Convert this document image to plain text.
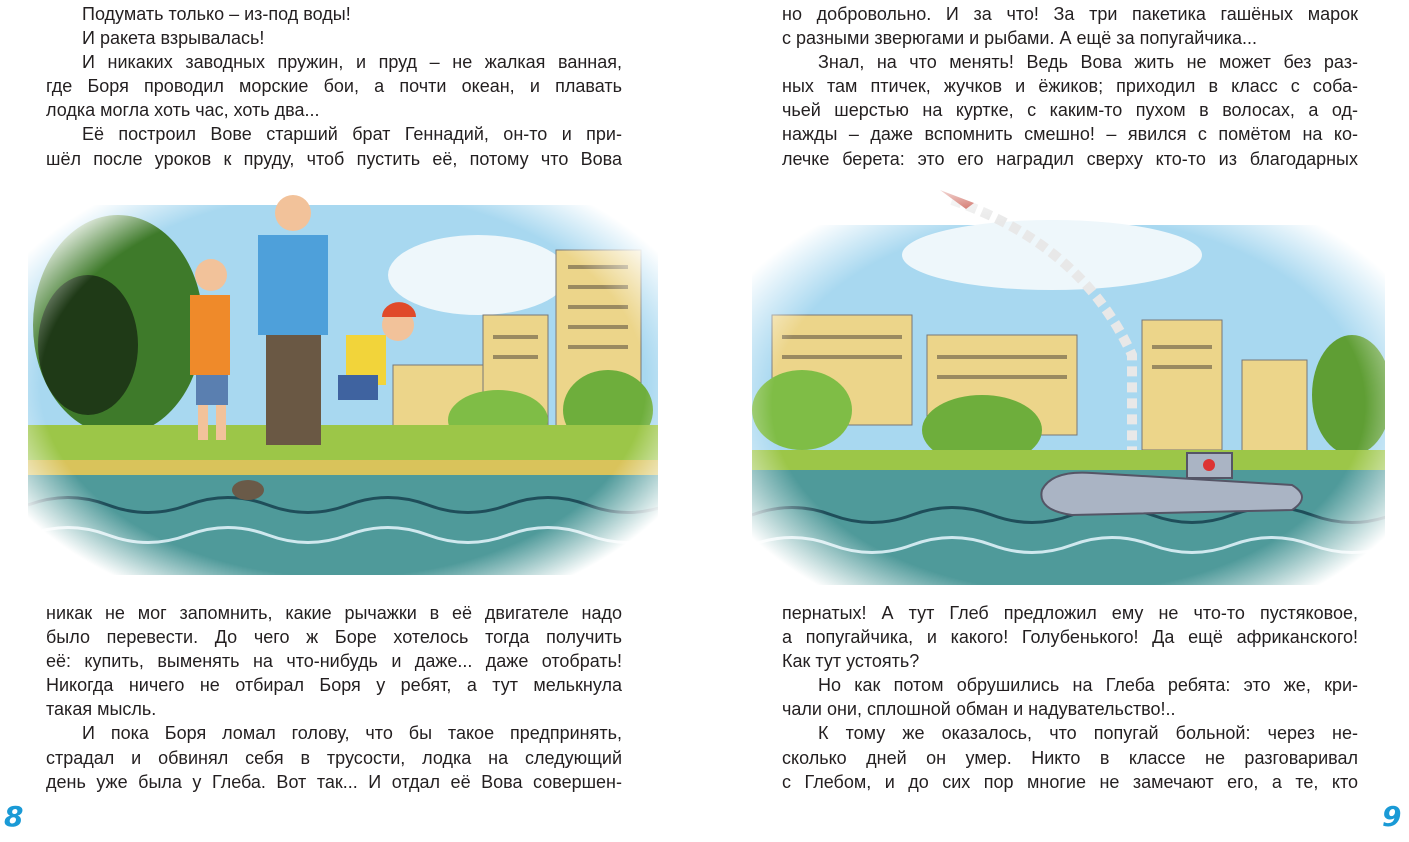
Подумать только – из-под воды!
И ракета взрывалась!
И никаких заводных пружин, и пруд – не жалкая ванная,
где Боря проводил морские бои, а почти океан, и плавать
лодка могла хоть час, хоть два...
Её построил Вове старший брат Геннадий, он-то и при-
шёл после уроков к пруду, чтоб пустить её, потому что Вова
никак не мог запомнить, какие рычажки в её двигателе надо
было перевести. До чего ж Боре хотелось тогда получить
её: купить, выменять на что-нибудь и даже... даже отобрать!
Никогда ничего не отбирал Боря у ребят, а тут мелькнула
такая мысль.
И пока Боря ломал голову, что бы такое предпринять,
страдал и обвинял себя в трусости, лодка на следующий
день уже была у Глеба. Вот так... И отдал её Вова совершен-
8
но добровольно. И за что! За три пакетика гашёных марок
с разными зверюгами и рыбами. А ещё за попугайчика...
Знал, на что менять! Ведь Вова жить не может без раз-
ных там птичек, жучков и ёжиков; приходил в класс с соба-
чьей шерстью на куртке, с каким-то пухом в волосах, а од-
нажды – даже вспомнить смешно! – явился с помётом на ко-
лечке берета: это его наградил сверху кто-то из благодарных
пернатых! А тут Глеб предложил ему не что-то пустяковое,
а попугайчика, и какого! Голубенького! Да ещё африканского!
Как тут устоять?
Но как потом обрушились на Глеба ребята: это же, кри-
чали они, сплошной обман и надувательство!..
К тому же оказалось, что попугай больной: через не-
сколько дней он умер. Никто в классе не разговаривал
с Глебом, и до сих пор многие не замечают его, а те, кто
9
